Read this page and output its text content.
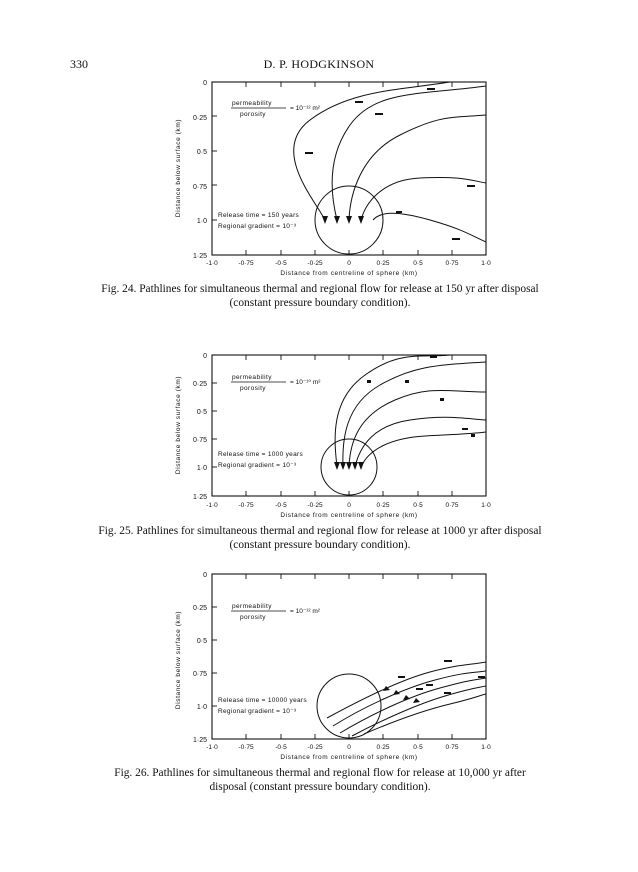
330	D. P. HODGKINSON
0
0·25
0·5
0·75
1·0
1·25
-1·0	-0·75	-0·5	-0·25	0	0·25	0·5	0·75	1·0
Distance from centreline of sphere (km)
Distance below surface (km)
permeability
porosity
= 10⁻¹² m²
Release time = 150 years
Regional gradient = 10⁻³
0
0·25
0·5
0·75
1·0
1·25
-1·0	-0·75	-0·5	-0·25	0	0·25	0·5	0·75	1·0
Distance from centreline of sphere (km)
Distance below surface (km)	permeability
porosity
= 10⁻¹⁰ m²
Release time = 1000 years
Regional gradient = 10⁻³
0
0·25
0·5
0·75
1·0
1·25
-1·0	-0·75	-0·5	-0·25	0	0·25	0·5	0·75	1·0
Distance from centreline of sphere (km)
Distance below surface (km)
permeability
porosity
= 10⁻¹² m²
Release time = 10000 years
Regional gradient = 10⁻³
Fig. 24. Pathlines for simultaneous thermal and regional flow for release at 150 yr after disposal (constant pressure boundary condition).
Fig. 25. Pathlines for simultaneous thermal and regional flow for release at 1000 yr after disposal (constant pressure boundary condition).
Fig. 26. Pathlines for simultaneous thermal and regional flow for release at 10,000 yr after disposal (constant pressure boundary condition).
